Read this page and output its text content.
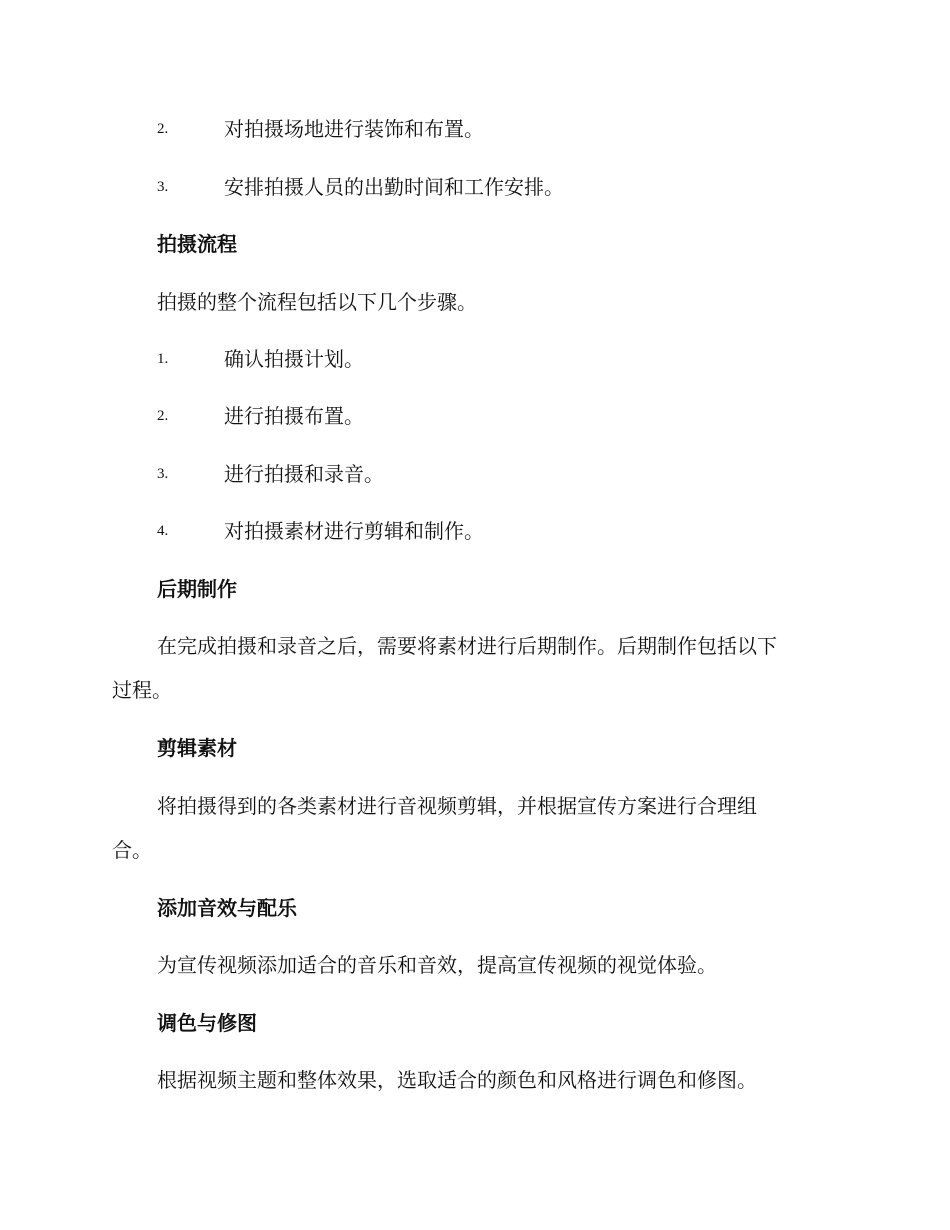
2.	对拍摄场地进行装饰和布置。
3.	安排拍摄人员的出勤时间和工作安排。
拍摄流程
拍摄的整个流程包括以下几个步骤。
1.	确认拍摄计划。
2.	进行拍摄布置。
3.	进行拍摄和录音。
4.	对拍摄素材进行剪辑和制作。
后期制作
在完成拍摄和录音之后，需要将素材进行后期制作。后期制作包括以下
过程。
剪辑素材
将拍摄得到的各类素材进行音视频剪辑，并根据宣传方案进行合理组
合。
添加音效与配乐
为宣传视频添加适合的音乐和音效，提高宣传视频的视觉体验。
调色与修图
根据视频主题和整体效果，选取适合的颜色和风格进行调色和修图。
